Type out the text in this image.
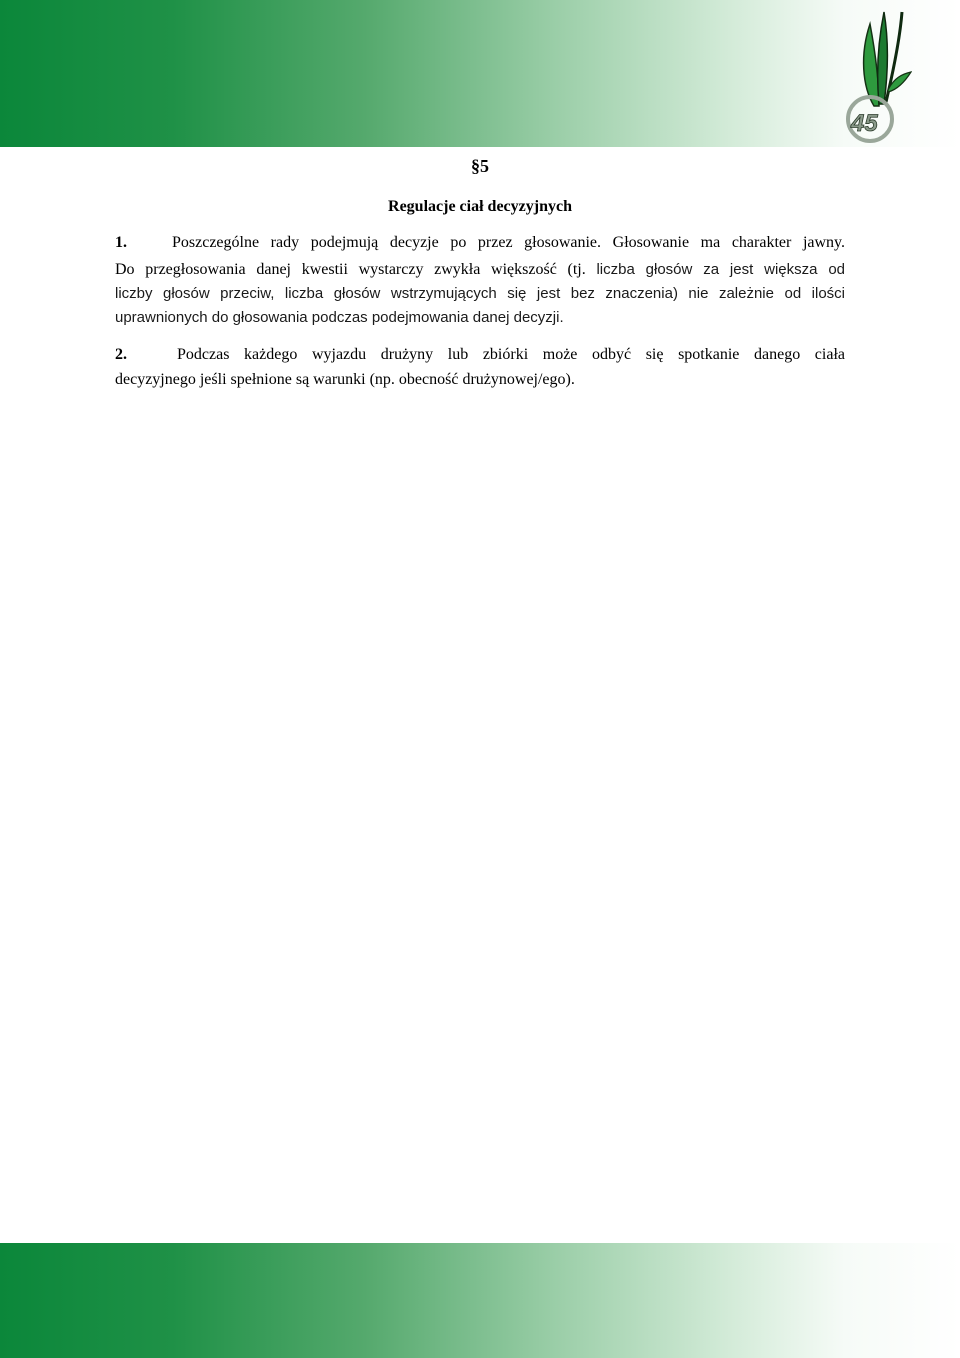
45
§5
Regulacje ciał decyzyjnych
1.	Poszczególne rady podejmują decyzje po przez głosowanie. Głosowanie ma charakter jawny.
Do przegłosowania danej kwestii wystarczy zwykła większość (tj. liczba głosów za jest większa od
liczby głosów przeciw, liczba głosów wstrzymujących się jest bez znaczenia) nie zależnie od ilości
uprawnionych do głosowania podczas podejmowania danej decyzji.
2.	Podczas każdego wyjazdu drużyny lub zbiórki może odbyć się spotkanie danego ciała
decyzyjnego jeśli spełnione są warunki (np. obecność drużynowej/ego).
